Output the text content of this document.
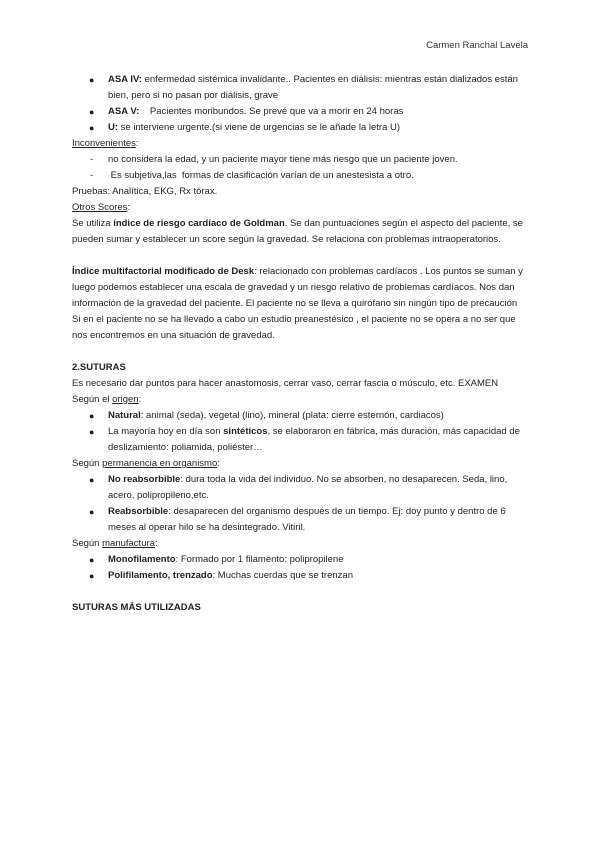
Carmen Ranchal Lavela
● ASA IV: enfermedad sistémica invalidante.. Pacientes en diálisis: mientras están dializados están bien, pero si no pasan por diálisis, grave
● ASA V:    Pacientes moribundos. Se prevé que va a morir en 24 horas
● U: se interviene urgente.(si viene de urgencias se le añade la letra U)
Inconvenientes:
- no considera la edad, y un paciente mayor tiene más riesgo que un paciente joven.
- Es subjetiva,las  formas de clasificación varían de un anestesista a otro.
Pruebas: Analítica, EKG, Rx tórax.
Otros Scores:
Se utiliza índice de riesgo cardíaco de Goldman. Se dan puntuaciones según el aspecto del paciente, se pueden sumar y establecer un score según la gravedad. Se relaciona con problemas intraoperatorios.
Índice multifactorial modificado de Desk: relacionado con problemas cardíacos . Los puntos se suman y luego podemos establecer una escala de gravedad y un riesgo relativo de problemas cardíacos. Nos dan información de la gravedad del paciente. El paciente no se lleva a quirófano sin ningún tipo de precaución
Si en el paciente no se ha llevado a cabo un estudio preanestésico , el paciente no se opera a no ser que nos encontremos en una situación de gravedad.
2.SUTURAS
Es necesario dar puntos para hacer anastomosis, cerrar vaso, cerrar fascia o músculo, etc. EXAMEN
Según el origen:
● Natural: animal (seda), vegetal (lino), mineral (plata: cierre esternón, cardiacos)
● La mayoría hoy en día son sintéticos, se elaboraron en fábrica, más duración, más capacidad de deslizamiento: poliamida, poliéster…
Según permanencia en organismo:
● No reabsorbible: dura toda la vida del individuo. No se absorben, no desaparecen. Seda, lino, acero, polipropileno,etc.
● Reabsorbible: desaparecen del organismo después de un tiempo. Ej: doy punto y dentro de 6 meses al operar hilo se ha desintegrado. Vitiril.
Según manufactura:
● Monofilamento: Formado por 1 filamento: polipropilene
● Polifilamento, trenzado: Muchas cuerdas que se trenzan
SUTURAS MÁS UTILIZADAS
